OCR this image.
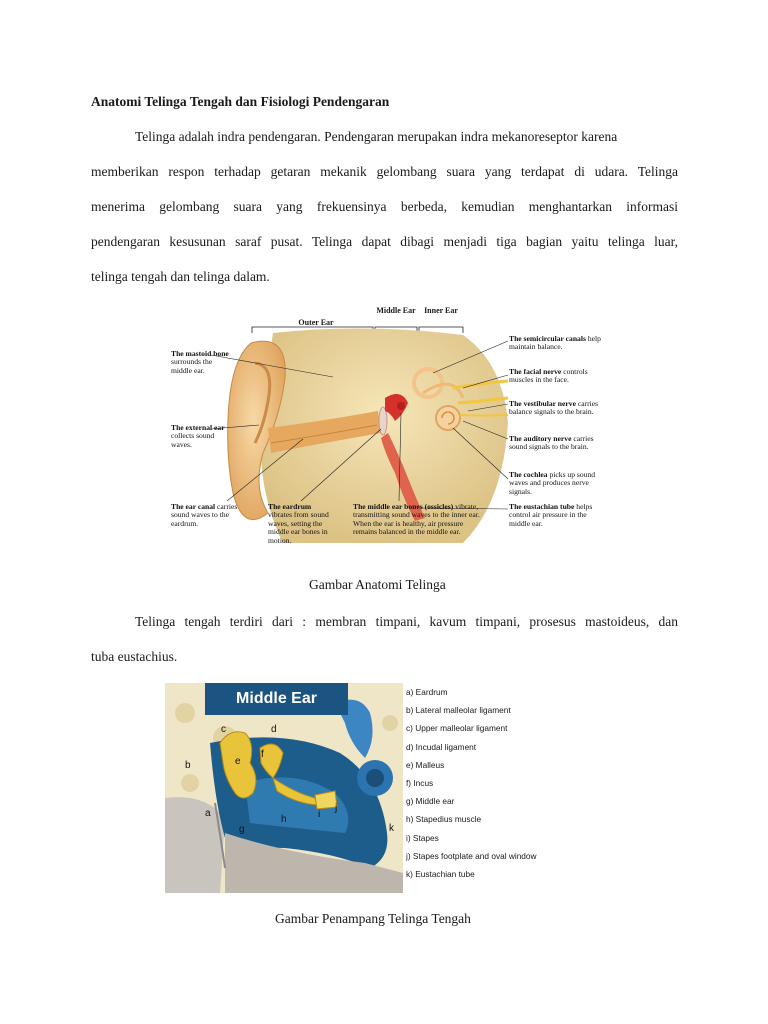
Anatomi Telinga Tengah dan Fisiologi Pendengaran
Telinga adalah indra pendengaran. Pendengaran merupakan indra mekanoreseptor karena
memberikan respon terhadap getaran mekanik gelombang suara yang terdapat di udara. Telinga
menerima gelombang suara yang frekuensinya berbeda, kemudian menghantarkan informasi
pendengaran kesusunan saraf pusat. Telinga dapat dibagi menjadi tiga bagian yaitu telinga luar,
telinga tengah dan telinga dalam.
Outer Ear
Middle Ear	Inner Ear
The mastoid bone surrounds the middle ear.
The external ear collects sound waves.
The ear canal carries sound waves to the eardrum.
The eardrum vibrates from sound waves, setting the middle ear bones in motion.
The middle ear bones (ossicles) vibrate, transmitting sound waves to the inner ear. When the ear is healthy, air pressure remains balanced in the middle ear.
The semicircular canals help maintain balance.
The facial nerve controls muscles in the face.
The vestibular nerve carries balance signals to the brain.
The auditory nerve carries sound signals to the brain.
The cochlea picks up sound waves and produces nerve signals.
The eustachian tube helps control air pressure in the middle ear.
Gambar Anatomi Telinga
Telinga tengah terdiri dari : membran timpani, kavum timpani, prosesus mastoideus, dan
tuba eustachius.
Middle Ear
a
b
c	d
e
f
g
h	i
j
k
a) Eardrum
b) Lateral malleolar ligament
c) Upper malleolar ligament
d) Incudal ligament
e) Malleus
f) Incus
g) Middle ear
h) Stapedius muscle
i) Stapes
j) Stapes footplate and oval window
k) Eustachian tube
Gambar Penampang Telinga Tengah
